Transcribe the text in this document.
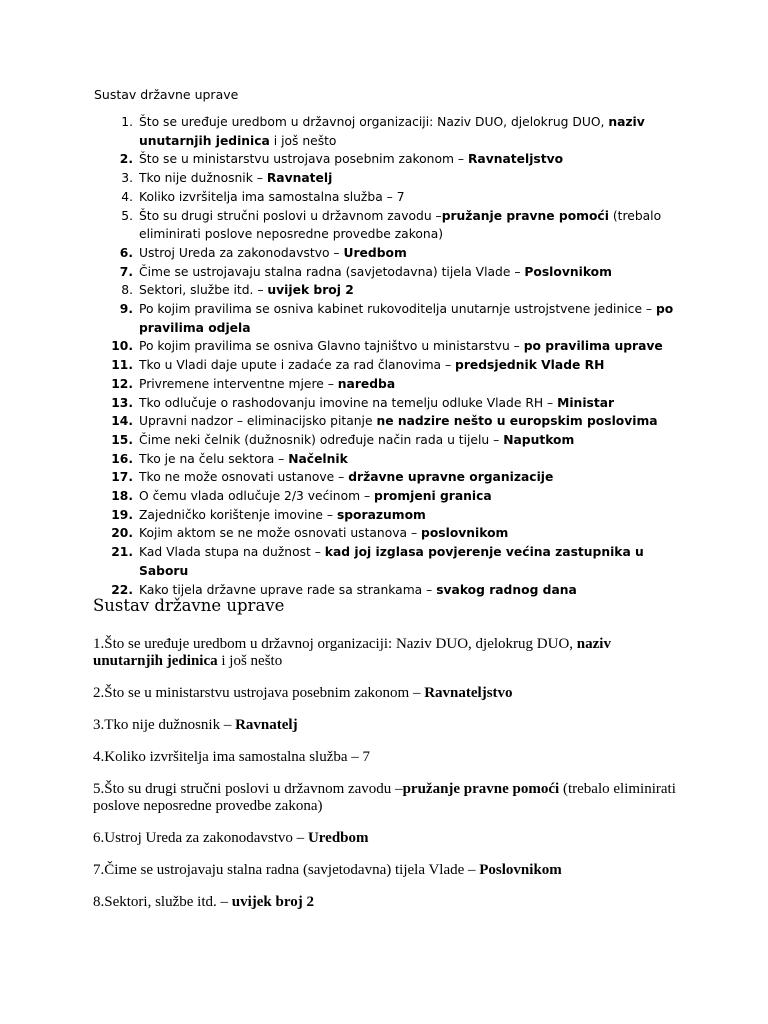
Sustav državne uprave
1. Što se uređuje uredbom u državnoj organizaciji: Naziv DUO, djelokrug DUO, naziv unutarnjih jedinica i još nešto
2. Što se u ministarstvu ustrojava posebnim zakonom – Ravnateljstvo
3. Tko nije dužnosnik – Ravnatelj
4. Koliko izvršitelja ima samostalna služba – 7
5. Što su drugi stručni poslovi u državnom zavodu –pružanje pravne pomoći (trebalo eliminirati poslove neposredne provedbe zakona)
6. Ustroj Ureda za zakonodavstvo – Uredbom
7. Čime se ustrojavaju stalna radna (savjetodavna) tijela Vlade – Poslovnikom
8. Sektori, službe itd. – uvijek broj 2
9. Po kojim pravilima se osniva kabinet rukovoditelja unutarnje ustrojstvene jedinice – po pravilima odjela
10. Po kojim pravilima se osniva Glavno tajništvo u ministarstvu – po pravilima uprave
11. Tko u Vladi daje upute i zadaće za rad članovima – predsjednik Vlade RH
12. Privremene interventne mjere – naredba
13. Tko odlučuje o rashodovanju imovine na temelju odluke Vlade RH – Ministar
14. Upravni nadzor – eliminacijsko pitanje ne nadzire nešto u europskim poslovima
15. Čime neki čelnik (dužnosnik) određuje način rada u tijelu – Naputkom
16. Tko je na čelu sektora – Načelnik
17. Tko ne može osnovati ustanove – državne upravne organizacije
18. O čemu vlada odlučuje 2/3 većinom – promjeni granica
19. Zajedničko korištenje imovine – sporazumom
20. Kojim aktom se ne može osnovati ustanova – poslovnikom
21. Kad Vlada stupa na dužnost – kad joj izglasa povjerenje većina zastupnika u Saboru
22. Kako tijela državne uprave rade sa strankama – svakog radnog dana
Sustav državne uprave

1.Što se uređuje uredbom u državnoj organizaciji: Naziv DUO, djelokrug DUO, naziv unutarnjih jedinica i još nešto

2.Što se u ministarstvu ustrojava posebnim zakonom – Ravnateljstvo

3.Tko nije dužnosnik – Ravnatelj

4.Koliko izvršitelja ima samostalna služba – 7

5.Što su drugi stručni poslovi u državnom zavodu –pružanje pravne pomoći (trebalo eliminirati poslove neposredne provedbe zakona)

6.Ustroj Ureda za zakonodavstvo – Uredbom

7.Čime se ustrojavaju stalna radna (savjetodavna) tijela Vlade – Poslovnikom

8.Sektori, službe itd. – uvijek broj 2
